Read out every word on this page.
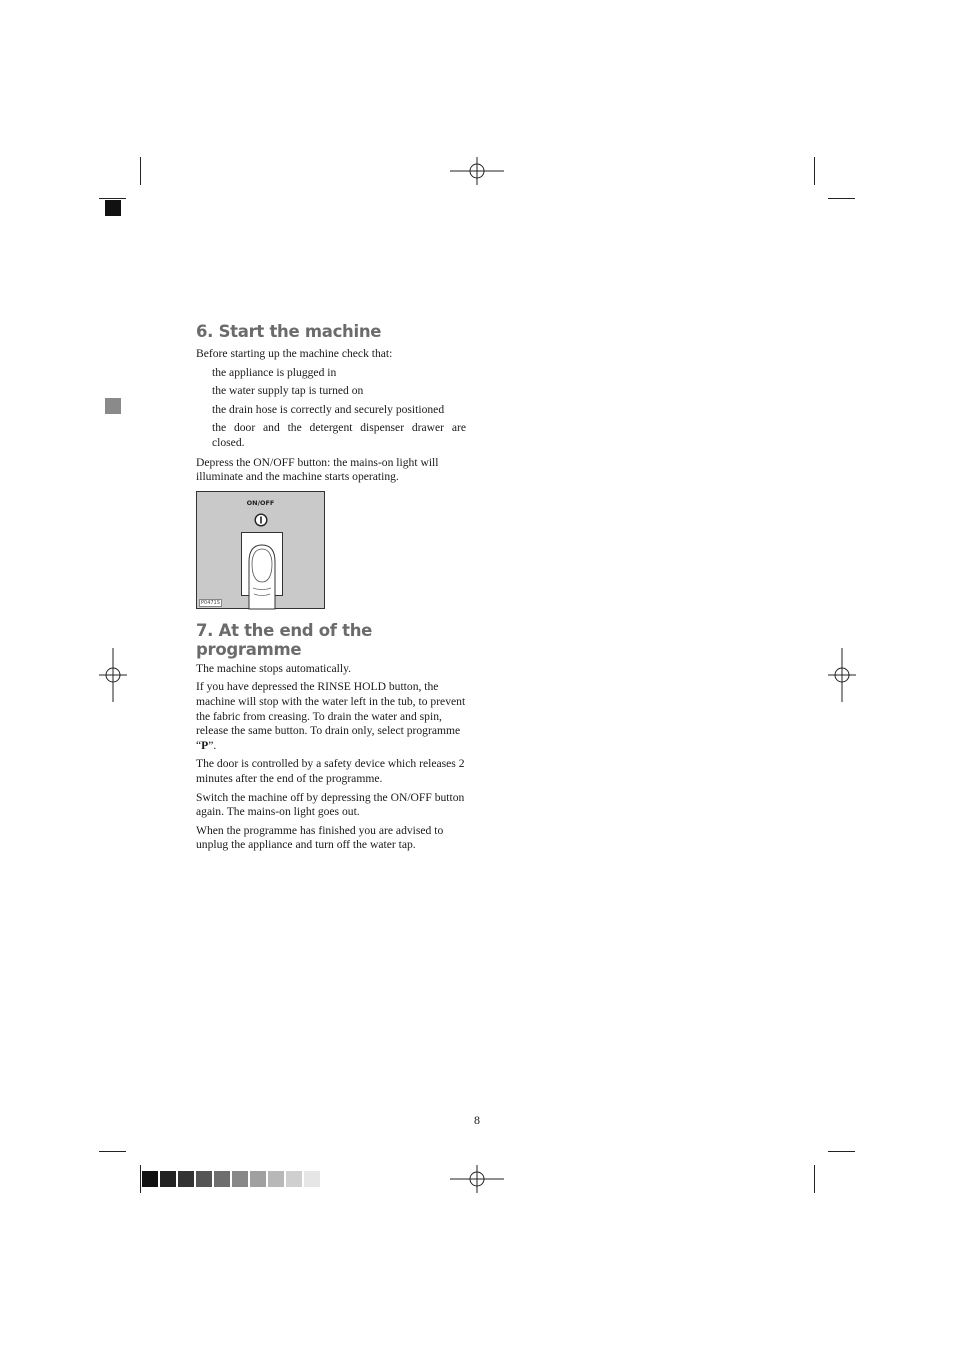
6. Start the machine

Before starting up the machine check that:

the appliance is plugged in
the water supply tap is turned on
the drain hose is correctly and securely positioned
the door and the detergent dispenser drawer are closed.

Depress the ON/OFF button: the mains-on light will illuminate and the machine starts operating.

ON/OFF
P0471S
7. At the end of the programme

The machine stops automatically.

If you have depressed the RINSE HOLD button, the machine will stop with the water left in the tub, to prevent the fabric from creasing. To drain the water and spin, release the same button. To drain only, select programme “P”.

The door is controlled by a safety device which releases 2 minutes after the end of the programme.

Switch the machine off by depressing the ON/OFF button again. The mains-on light goes out.

When the programme has finished you are advised to unplug the appliance and turn off the water tap.

8
